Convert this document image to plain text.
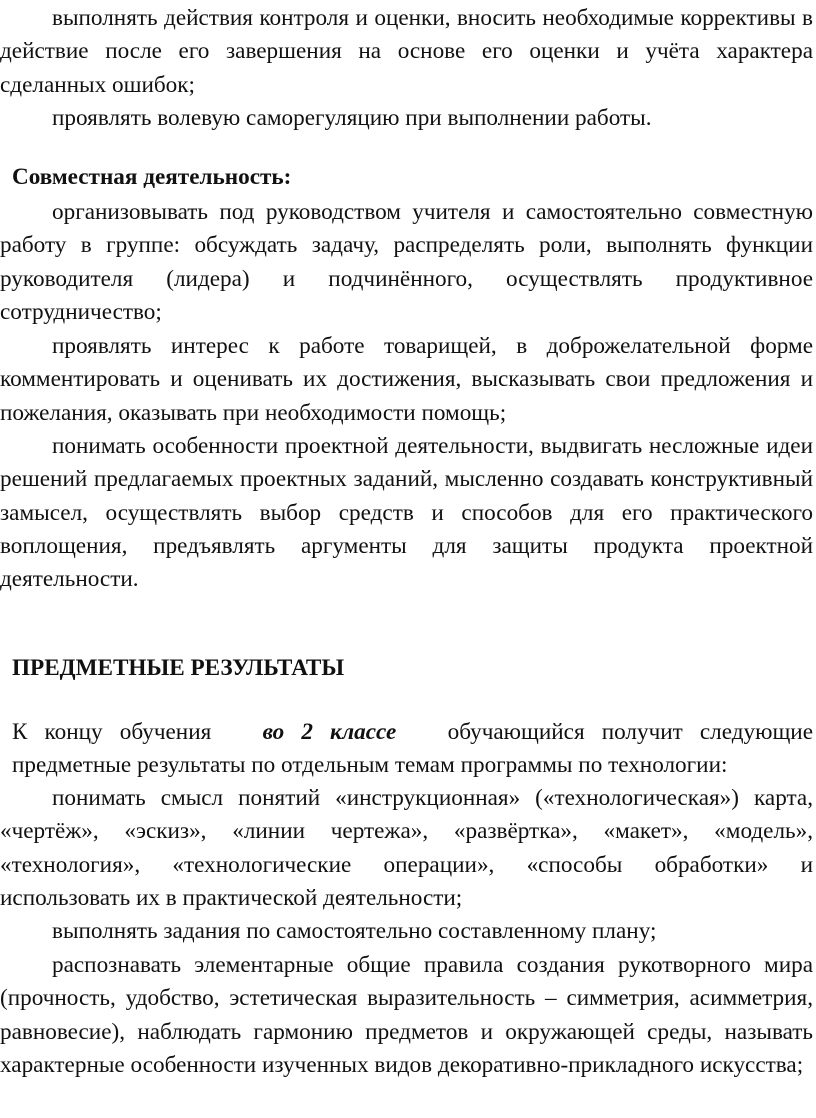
выполнять действия контроля и оценки, вносить необходимые коррективы в действие после его завершения на основе его оценки и учёта характера сделанных ошибок;

проявлять волевую саморегуляцию при выполнении работы.

Совместная деятельность:

организовывать под руководством учителя и самостоятельно совместную работу в группе: обсуждать задачу, распределять роли, выполнять функции руководителя (лидера) и подчинённого, осуществлять продуктивное сотрудничество;

проявлять интерес к работе товарищей, в доброжелательной форме комментировать и оценивать их достижения, высказывать свои предложения и пожелания, оказывать при необходимости помощь;

понимать особенности проектной деятельности, выдвигать несложные идеи решений предлагаемых проектных заданий, мысленно создавать конструктивный замысел, осуществлять выбор средств и способов для его практического воплощения, предъявлять аргументы для защиты продукта проектной деятельности.

ПРЕДМЕТНЫЕ РЕЗУЛЬТАТЫ
К концу обучения во 2 классе обучающийся получит следующие

предметные результаты по отдельным темам программы по технологии:

понимать смысл понятий «инструкционная» («технологическая») карта, «чертёж», «эскиз», «линии чертежа», «развёртка», «макет», «модель», «технология», «технологические операции», «способы обработки» и использовать их в практической деятельности;

выполнять задания по самостоятельно составленному плану;

распознавать элементарные общие правила создания рукотворного мира (прочность, удобство, эстетическая выразительность – симметрия, асимметрия, равновесие), наблюдать гармонию предметов и окружающей среды, называть характерные особенности изученных видов декоративно-прикладного искусства;
